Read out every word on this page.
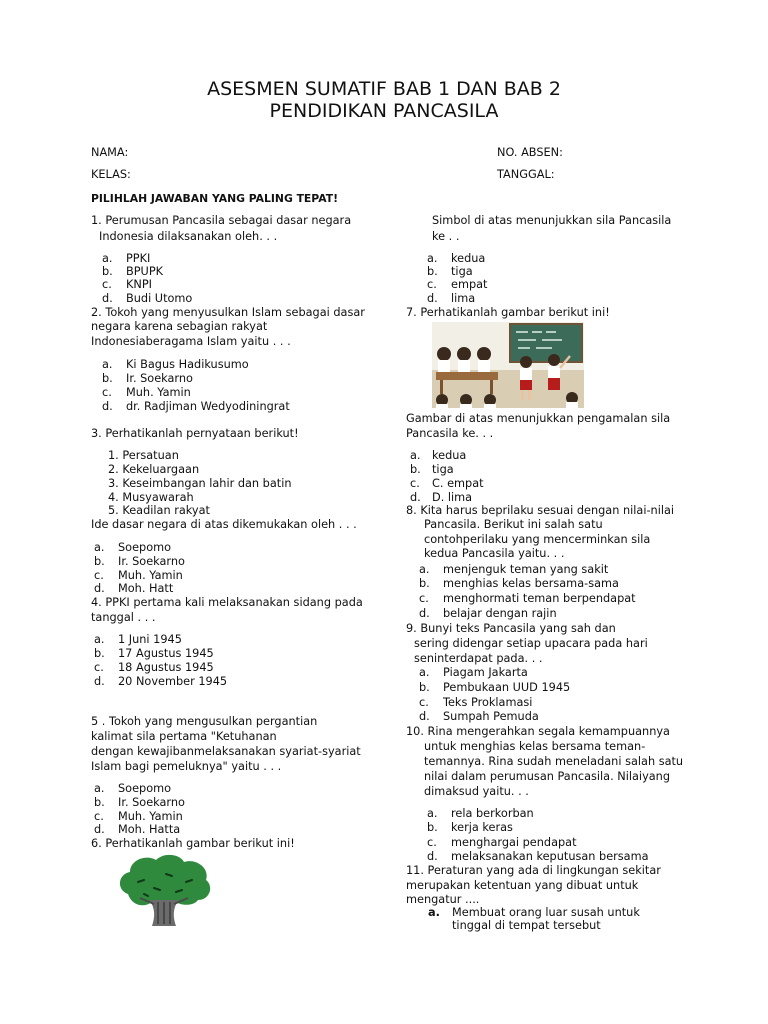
ASESMEN SUMATIF BAB 1 DAN BAB 2
PENDIDIKAN PANCASILA
NAMA:	NO. ABSEN:
KELAS:	TANGGAL:
PILIHLAH JAWABAN YANG PALING TEPAT!
1. Perumusan Pancasila sebagai dasar negara
Indonesia dilaksanakan oleh. . .
a. PPKI
b. BPUPK
c. KNPI
d. Budi Utomo
2. Tokoh yang menyusulkan Islam sebagai dasar
negara karena sebagian rakyat
Indonesiaberagama Islam yaitu . . .
a. Ki Bagus Hadikusumo
b. Ir. Soekarno
c. Muh. Yamin
d. dr. Radjiman Wedyodiningrat
3. Perhatikanlah pernyataan berikut!
1. Persatuan
2. Kekeluargaan
3. Keseimbangan lahir dan batin
4. Musyawarah
5. Keadilan rakyat
Ide dasar negara di atas dikemukakan oleh . . .
a. Soepomo
b. Ir. Soekarno
c. Muh. Yamin
d. Moh. Hatt
4. PPKI pertama kali melaksanakan sidang pada
tanggal . . .
a. 1 Juni 1945
b. 17 Agustus 1945
c. 18 Agustus 1945
d. 20 November 1945
5 . Tokoh yang mengusulkan pergantian
kalimat sila pertama "Ketuhanan
dengan kewajibanmelaksanakan syariat-syariat
Islam bagi pemeluknya" yaitu . . .
a. Soepomo
b. Ir. Soekarno
c. Muh. Yamin
d. Moh. Hatta
6. Perhatikanlah gambar berikut ini!
Simbol di atas menunjukkan sila Pancasila
ke . .
a. kedua
b. tiga
c. empat
d. lima
7. Perhatikanlah gambar berikut ini!
Gambar di atas menunjukkan pengamalan sila
Pancasila ke. . .
a. kedua
b. tiga
c. C. empat
d. D. lima
8. Kita harus beprilaku sesuai dengan nilai-nilai
Pancasila. Berikut ini salah satu
contohperilaku yang mencerminkan sila
kedua Pancasila yaitu. . .
a. menjenguk teman yang sakit
b. menghias kelas bersama-sama
c. menghormati teman berpendapat
d. belajar dengan rajin
9. Bunyi teks Pancasila yang sah dan
sering didengar setiap upacara pada hari
seninterdapat pada. . .
a. Piagam Jakarta
b. Pembukaan UUD 1945
c. Teks Proklamasi
d. Sumpah Pemuda
10. Rina mengerahkan segala kemampuannya
untuk menghias kelas bersama teman-
temannya. Rina sudah meneladani salah satu
nilai dalam perumusan Pancasila. Nilaiyang
dimaksud yaitu. . .
a. rela berkorban
b. kerja keras
c. menghargai pendapat
d. melaksanakan keputusan bersama
11. Peraturan yang ada di lingkungan sekitar
merupakan ketentuan yang dibuat untuk
mengatur ....
a. Membuat orang luar susah untuk
tinggal di tempat tersebut
